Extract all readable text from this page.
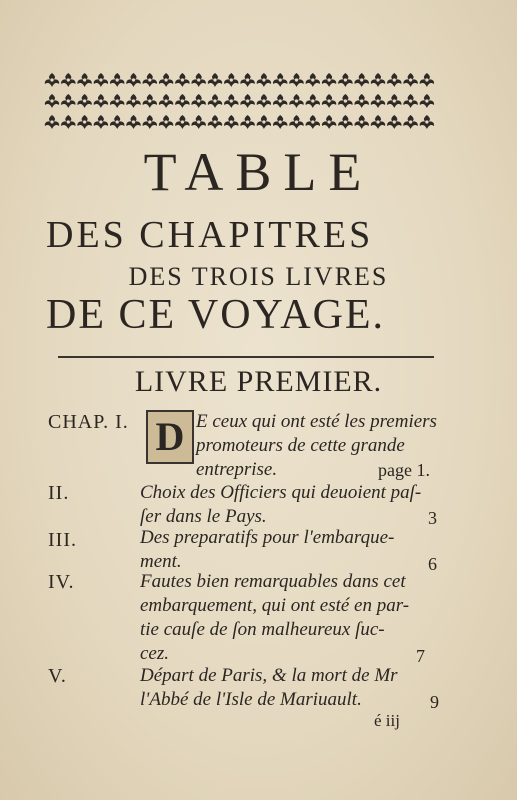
TABLE
DES CHAPITRES
DES TROIS LIVRES
DE CE VOYAGE.
LIVRE PREMIER.
CHAP. I. D E ceux qui ont esté les premiers
promoteurs de cette grande
entreprise.	page 1.
II.	Choix des Officiers qui deuoient paſ-
ſer dans le Pays.	3
III.	Des preparatifs pour l'embarque-
ment.	6
IV.	Fautes bien remarquables dans cet
embarquement, qui ont esté en par-
tie cauſe de ſon malheureux ſuc-
cez.	7
V.	Départ de Paris, & la mort de Mr
l'Abbé de l'Isle de Mariuault.	9
é iij
